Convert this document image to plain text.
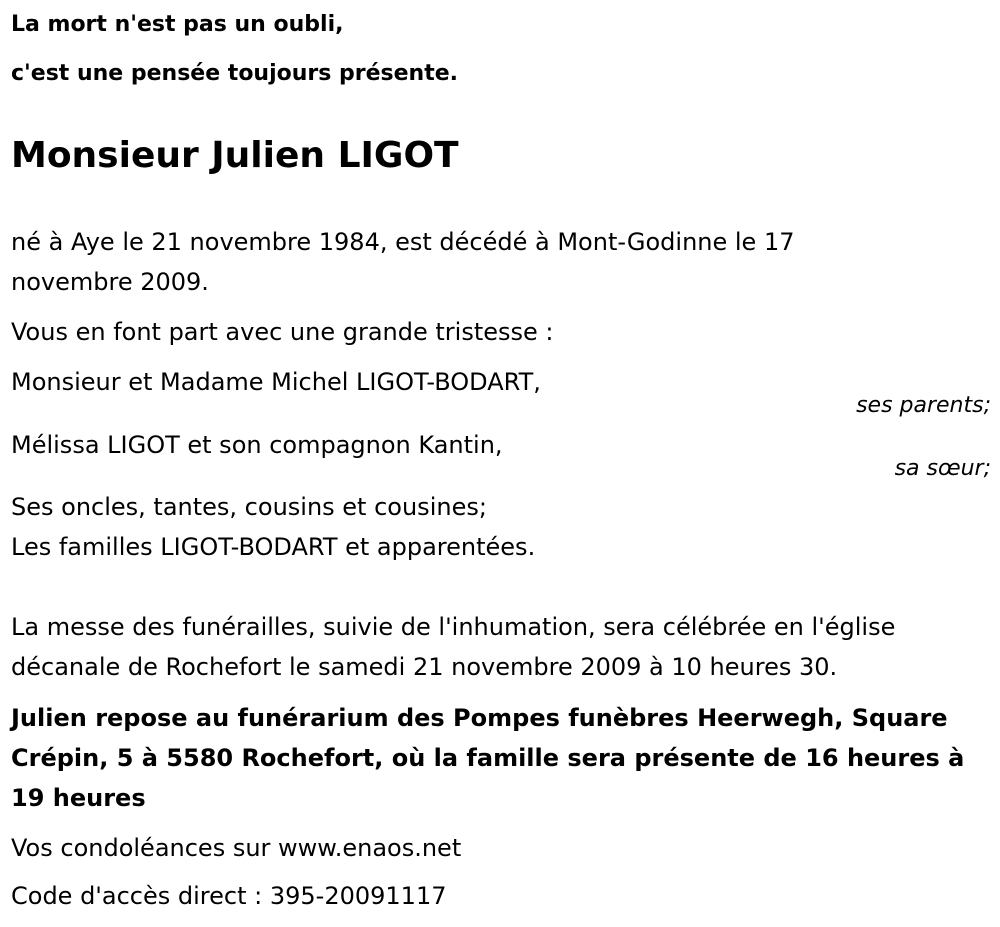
La mort n'est pas un oubli,
c'est une pensée toujours présente.
Monsieur Julien LIGOT
né à Aye le 21 novembre 1984, est décédé à Mont-Godinne le 17
novembre 2009.
Vous en font part avec une grande tristesse :
Monsieur et Madame Michel LIGOT-BODART,
ses parents;
Mélissa LIGOT et son compagnon Kantin,
sa sœur;
Ses oncles, tantes, cousins et cousines;
Les familles LIGOT-BODART et apparentées.
La messe des funérailles, suivie de l'inhumation, sera célébrée en l'église
décanale de Rochefort le samedi 21 novembre 2009 à 10 heures 30.
Julien repose au funérarium des Pompes funèbres Heerwegh, Square
Crépin, 5 à 5580 Rochefort, où la famille sera présente de 16 heures à
19 heures
Vos condoléances sur www.enaos.net
Code d'accès direct : 395-20091117
